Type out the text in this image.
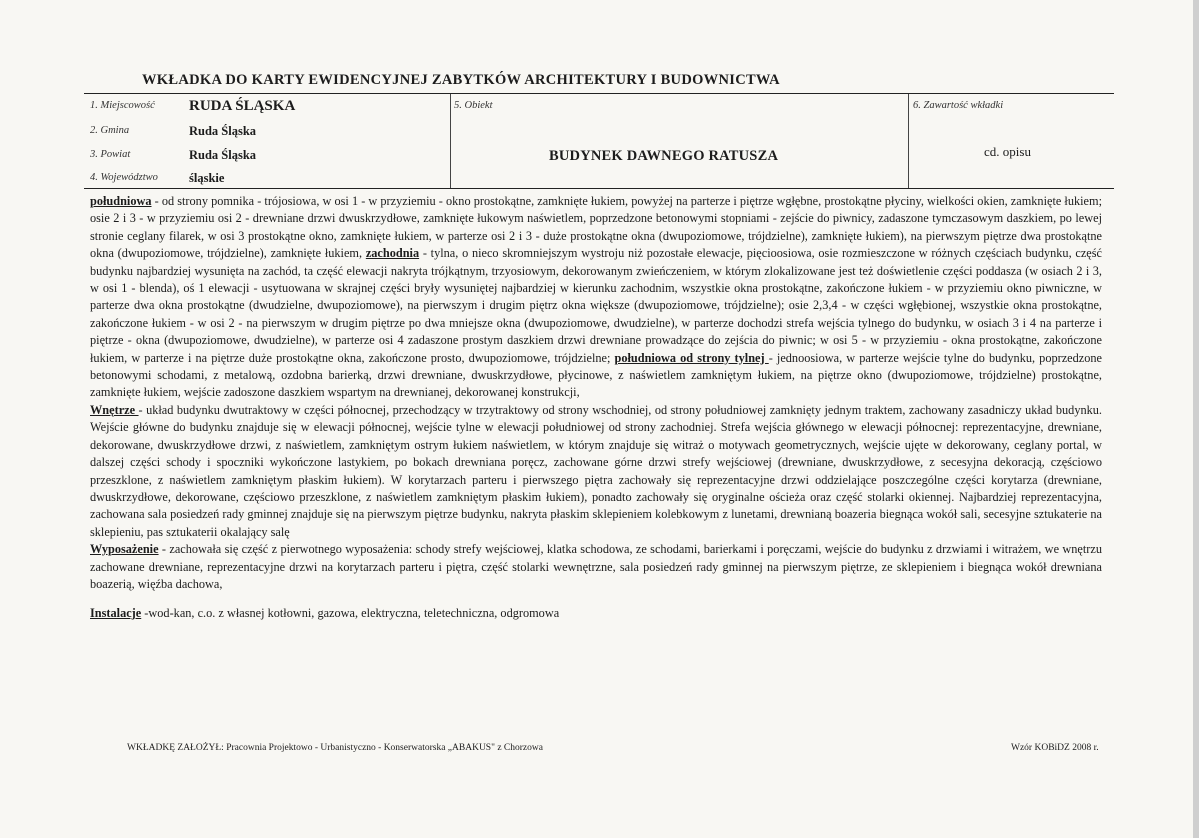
WKŁADKA DO KARTY EWIDENCYJNEJ ZABYTKÓW ARCHITEKTURY I BUDOWNICTWA
1. Miejscowość RUDA ŚLĄSKA
2. Gmina	Ruda Śląska
3. Powiat	Ruda Śląska
4. Województwo śląskie
5. Obiekt
BUDYNEK DAWNEGO RATUSZA
6. Zawartość wkładki
cd. opisu

południowa - od strony pomnika - trójosiowa, w osi 1 - w przyziemiu - okno prostokątne, zamknięte łukiem, powyżej na parterze i piętrze wgłębne, prostokątne płyciny, wielkości okien, zamknięte łukiem; osie 2 i 3 - w przyziemiu osi 2 - drewniane drzwi dwuskrzydłowe, zamknięte łukowym naświetlem, poprzedzone betonowymi stopniami - zejście do piwnicy, zadaszone tymczasowym daszkiem, po lewej stronie ceglany filarek, w osi 3 prostokątne okno, zamknięte łukiem, w parterze osi 2 i 3 - duże prostokątne okna (dwupoziomowe, trójdzielne), zamknięte łukiem), na pierwszym piętrze dwa prostokątne okna (dwupoziomowe, trójdzielne), zamknięte łukiem, zachodnia - tylna, o nieco skromniejszym wystroju niż pozostałe elewacje, pięcioosiowa, osie rozmieszczone w różnych częściach budynku, część budynku najbardziej wysunięta na zachód, ta część elewacji nakryta trójkątnym, trzyosiowym, dekorowanym zwieńczeniem, w którym zlokalizowane jest też doświetlenie części poddasza (w osiach 2 i 3, w osi 1 - blenda), oś 1 elewacji - usytuowana w skrajnej części bryły wysuniętej najbardziej w kierunku zachodnim, wszystkie okna prostokątne, zakończone łukiem - w przyziemiu okno piwniczne, w parterze dwa okna prostokątne (dwudzielne, dwupoziomowe), na pierwszym i drugim piętrz okna większe (dwupoziomowe, trójdzielne); osie 2,3,4 - w części wgłębionej, wszystkie okna prostokątne, zakończone łukiem - w osi 2 - na pierwszym w drugim piętrze po dwa mniejsze okna (dwupoziomowe, dwudzielne), w parterze dochodzi strefa wejścia tylnego do budynku, w osiach 3 i 4 na parterze i piętrze - okna (dwupoziomowe, dwudzielne), w parterze osi 4 zadaszone prostym daszkiem drzwi drewniane prowadzące do zejścia do piwnic; w osi 5 - w przyziemiu - okna prostokątne, zakończone łukiem, w parterze i na piętrze duże prostokątne okna, zakończone prosto, dwupoziomowe, trójdzielne; południowa od strony tylnej - jednoosiowa, w parterze wejście tylne do budynku, poprzedzone betonowymi schodami, z metalową, ozdobna barierką, drzwi drewniane, dwuskrzydłowe, płycinowe, z naświetlem zamkniętym łukiem, na piętrze okno (dwupoziomowe, trójdzielne) prostokątne, zamknięte łukiem, wejście zadoszone daszkiem wspartym na drewnianej, dekorowanej konstrukcji,

Wnętrze - układ budynku dwutraktowy w części północnej, przechodzący w trzytraktowy od strony wschodniej, od strony południowej zamknięty jednym traktem, zachowany zasadniczy układ budynku. Wejście główne do budynku znajduje się w elewacji północnej, wejście tylne w elewacji południowej od strony zachodniej. Strefa wejścia głównego w elewacji północnej: reprezentacyjne, drewniane, dekorowane, dwuskrzydłowe drzwi, z naświetlem, zamkniętym ostrym łukiem naświetlem, w którym znajduje się witraż o motywach geometrycznych, wejście ujęte w dekorowany, ceglany portal, w dalszej części schody i spoczniki wykończone lastykiem, po bokach drewniana poręcz, zachowane górne drzwi strefy wejściowej (drewniane, dwuskrzydłowe, z secesyjna dekoracją, częściowo przeszklone, z naświetlem zamkniętym płaskim łukiem). W korytarzach parteru i pierwszego piętra zachowały się reprezentacyjne drzwi oddzielające poszczególne części korytarza (drewniane, dwuskrzydłowe, dekorowane, częściowo przeszklone, z naświetlem zamkniętym płaskim łukiem), ponadto zachowały się oryginalne ościeża oraz część stolarki okiennej. Najbardziej reprezentacyjna, zachowana sala posiedzeń rady gminnej znajduje się na pierwszym piętrze budynku, nakryta płaskim sklepieniem kolebkowym z lunetami, drewnianą boazeria biegnąca wokół sali, secesyjne sztukaterie na sklepieniu, pas sztukaterii okalający salę

Wyposażenie - zachowała się część z pierwotnego wyposażenia: schody strefy wejściowej, klatka schodowa, ze schodami, barierkami i poręczami, wejście do budynku z drzwiami i witrażem, we wnętrzu zachowane drewniane, reprezentacyjne drzwi na korytarzach parteru i piętra, część stolarki wewnętrzne, sala posiedzeń rady gminnej na pierwszym piętrze, ze sklepieniem i biegnąca wokół drewniana boazerią, więźba dachowa,

Instalacje -wod-kan, c.o. z własnej kotłowni, gazowa, elektryczna, teletechniczna, odgromowa

WKŁADKĘ ZAŁOŻYŁ: Pracownia Projektowo - Urbanistyczno - Konserwatorska „ABAKUS" z Chorzowa	Wzór KOBiDZ 2008 r.
